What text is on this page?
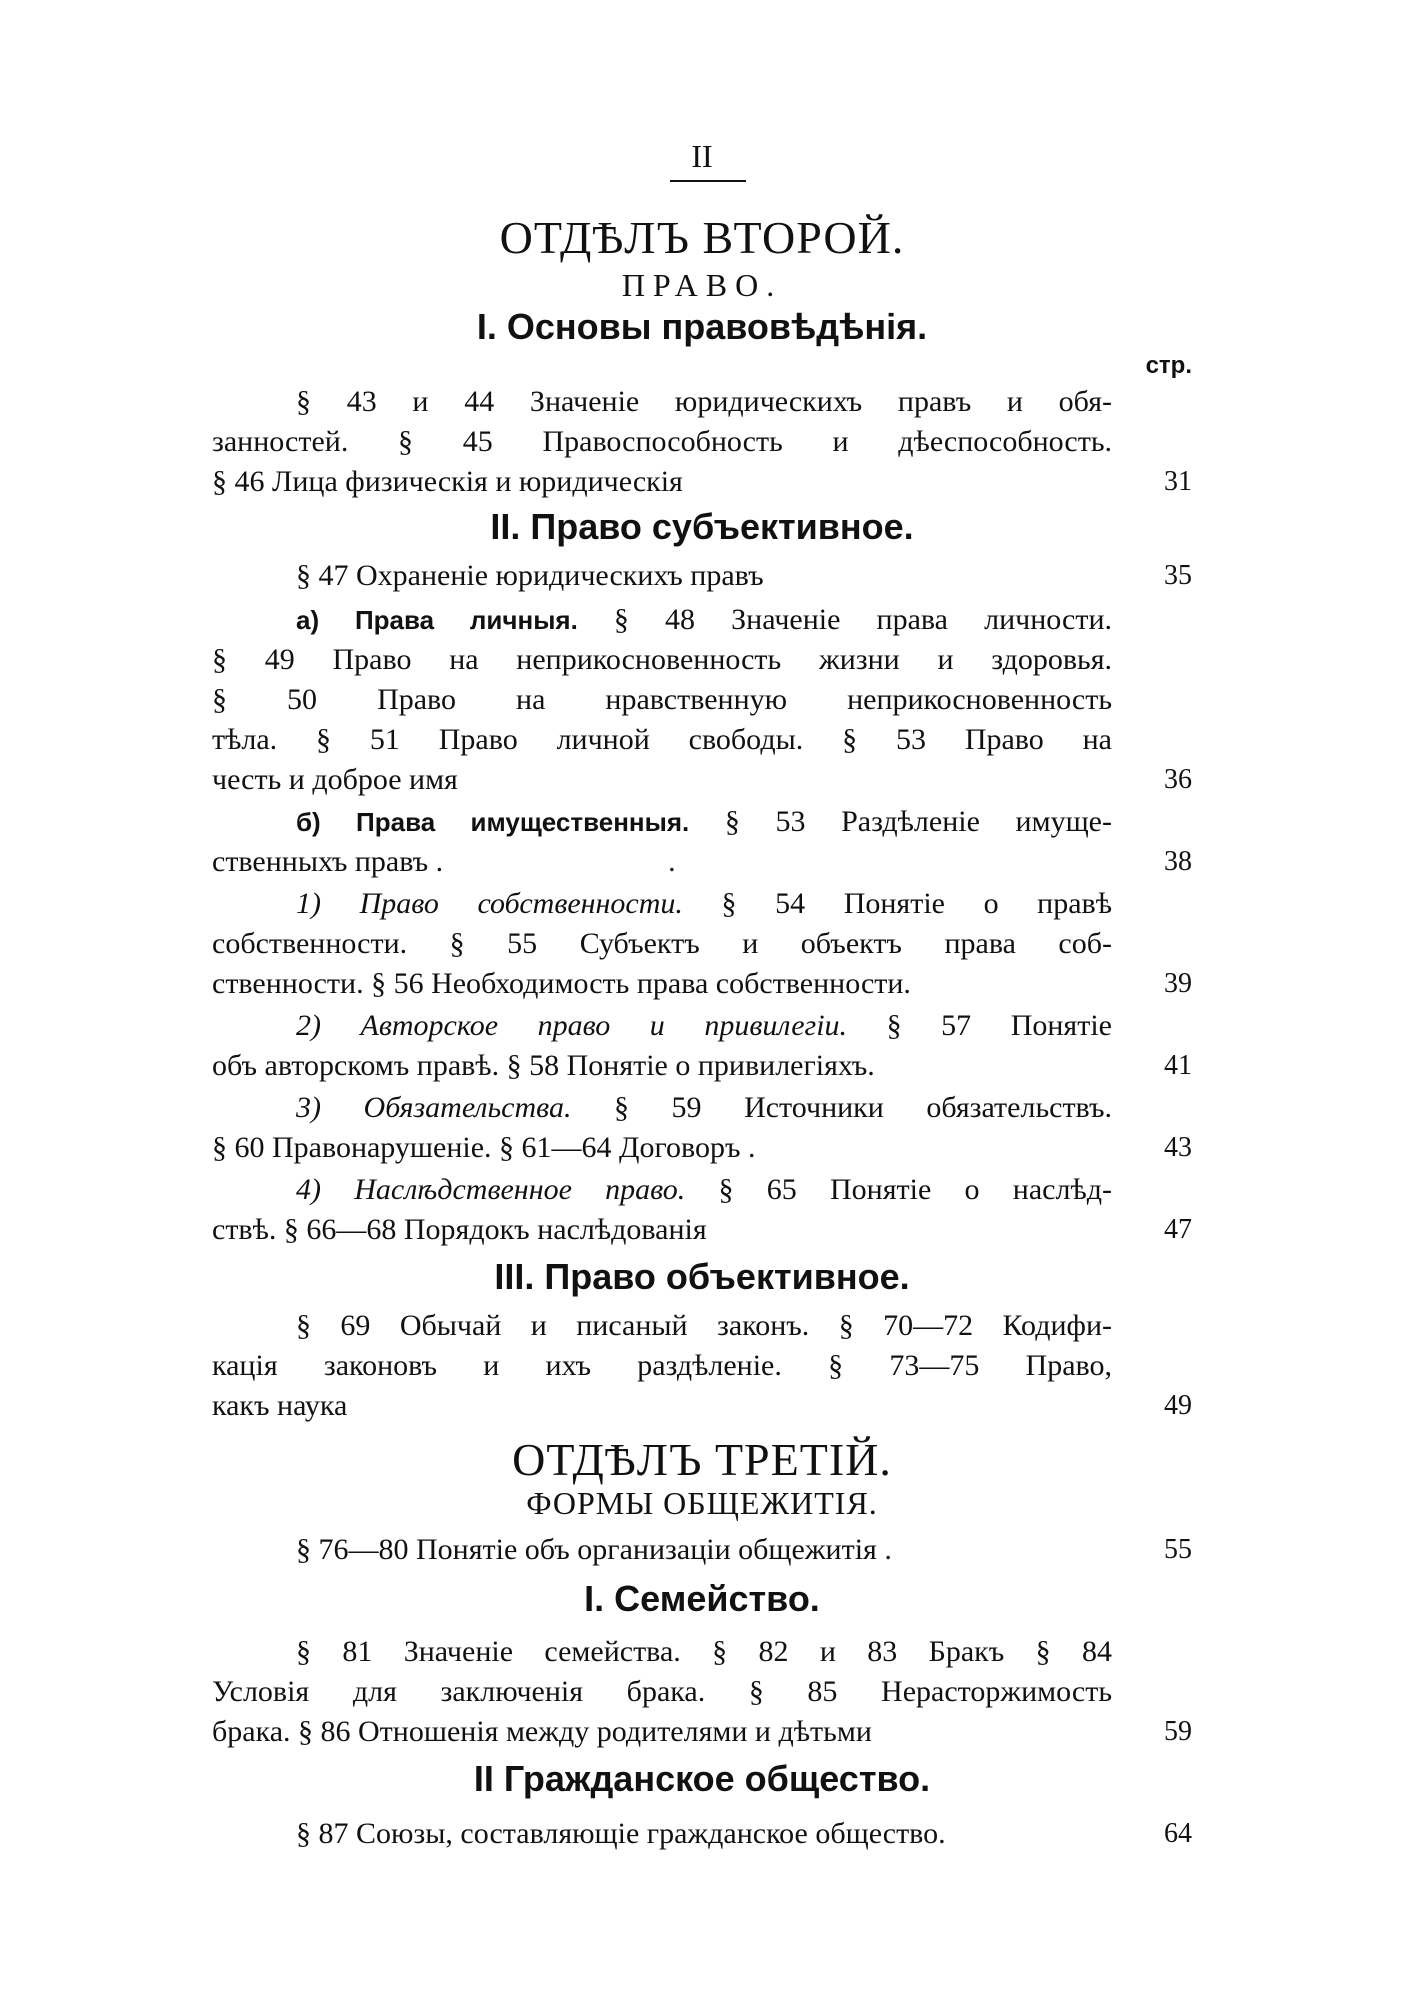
II
ОТДѢЛЪ ВТОРОЙ.
ПРАВО.
I. Основы правовѣдѣнія.
стр.
§ 43 и 44 Значеніе юридическихъ правъ и обя-
занностей. § 45 Правоспособность и дѣеспособность.
§ 46 Лица физическія и юридическія	31
II. Право субъективное.
§ 47 Охраненіе юридическихъ правъ	35
а) Права личныя. § 48 Значеніе права личности.
§ 49 Право на неприкосновенность жизни и здоровья.
§ 50 Право на нравственную неприкосновенность
тѣла. § 51 Право личной свободы. § 53 Право на
честь и доброе имя	36
б) Права имущественныя. § 53 Раздѣленіе имуще-
ственныхъ правъ .                              .	38
1) Право собственности. § 54 Понятіе о правѣ
собственности. § 55 Субъектъ и объектъ права соб-
ственности. § 56 Необходимость права собственности.	39
2) Авторское право и привилегіи. § 57 Понятіе
объ авторскомъ правѣ. § 58 Понятіе о привилегіяхъ.	41
3) Обязательства. § 59 Источники обязательствъ.
§ 60 Правонарушеніе. § 61—64 Договоръ .	43
4) Наслѣдственное право. § 65 Понятіе о наслѣд-
ствѣ. § 66—68 Порядокъ наслѣдованія	47
III. Право объективное.
§ 69 Обычай и писаный законъ. § 70—72 Кодифи-
кація законовъ и ихъ раздѣленіе. § 73—75 Право,
какъ наука	49
ОТДѢЛЪ ТРЕТІЙ.
ФОРМЫ ОБЩЕЖИТІЯ.
§ 76—80 Понятіе объ организаціи общежитія .	55
I. Семейство.
§ 81 Значеніе семейства. § 82 и 83 Бракъ § 84
Условія для заключенія брака. § 85 Нерасторжимость
брака. § 86 Отношенія между родителями и дѣтьми	59
II Гражданское общество.
§ 87 Союзы, составляющіе гражданское общество.	64
